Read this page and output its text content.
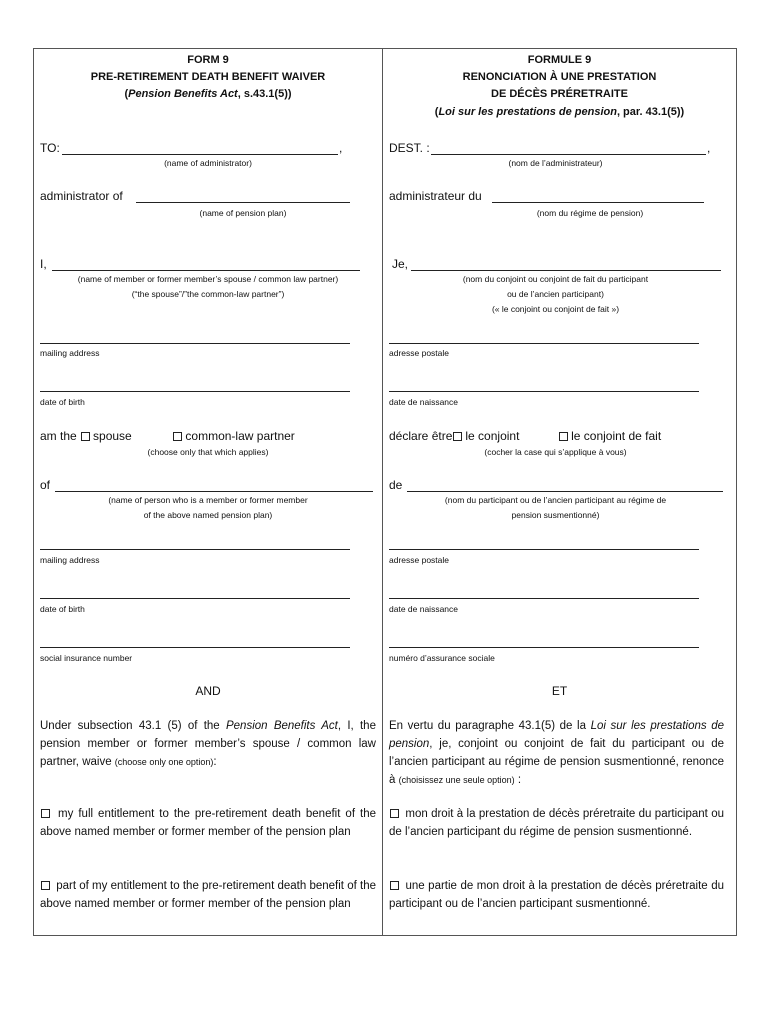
FORM 9
PRE-RETIREMENT DEATH BENEFIT WAIVER
(Pension Benefits Act, s.43.1(5))
FORMULE 9
RENONCIATION À UNE PRESTATION
DE DÉCÈS PRÉRETRAITE
(Loi sur les prestations de pension, par. 43.1(5))
TO:	,
(name of administrator)
DEST. :	,
(nom de l’administrateur)
administrator of
(name of pension plan)
administrateur du
(nom du régime de pension)
I,
(name of member or former member’s spouse / common law partner)
(“the spouse”/”the common-law partner”)
Je,
(nom du conjoint ou conjoint de fait du participant
ou de l’ancien participant)
(« le conjoint ou conjoint de fait »)
mailing address	adresse postale
date of birth	date de naissance
am the spouse	common-law partner
(choose only that which applies)
déclare être le conjoint	le conjoint de fait
(cocher la case qui s’applique à vous)
of
(name of person who is a member or former member
of the above named pension plan)
de
(nom du participant ou de l’ancien participant au régime de
pension susmentionné)
mailing address	adresse postale
date of birth	date de naissance
social insurance number	numéro d’assurance sociale
AND	ET
Under subsection 43.1 (5) of the Pension Benefits Act, I, the pension member or former member’s spouse / common law partner, waive (choose only one option):
En vertu du paragraphe 43.1(5) de la Loi sur les prestations de pension, je, conjoint ou conjoint de fait du participant ou de l’ancien participant au régime de pension susmentionné, renonce à (choisissez une seule option) :
my full entitlement to the pre-retirement death benefit of the above named member or former member of the pension plan
mon droit à la prestation de décès préretraite du participant ou de l’ancien participant du régime de pension susmentionné.
part of my entitlement to the pre-retirement death benefit of the above named member or former member of the pension plan
une partie de mon droit à la prestation de décès préretraite du participant ou de l’ancien participant susmentionné.
